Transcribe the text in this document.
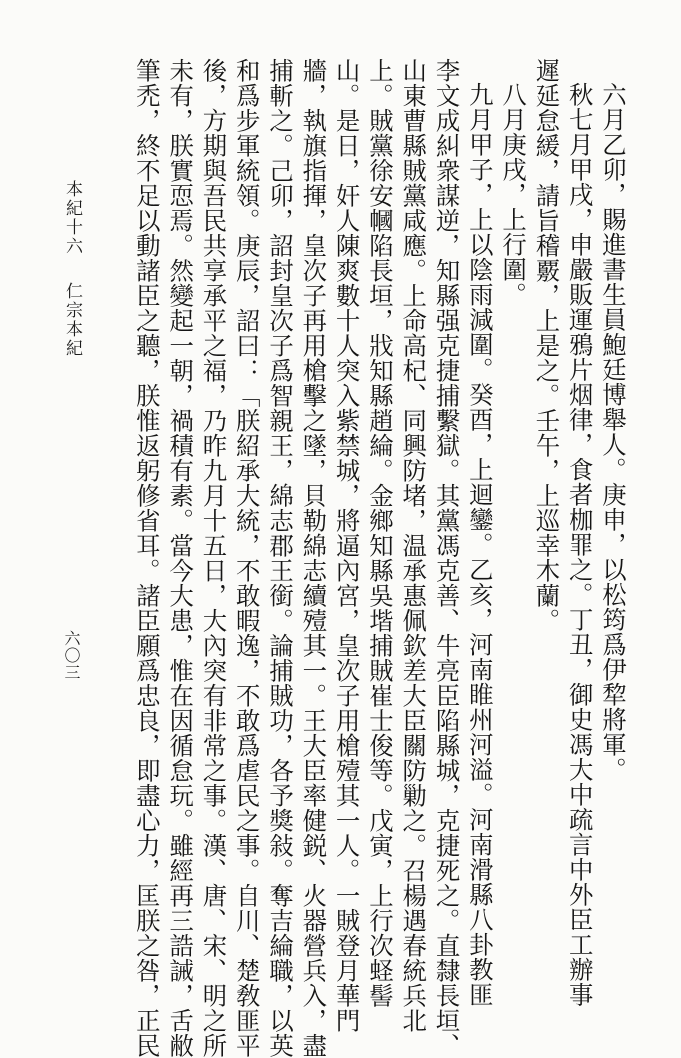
六月乙卯，賜進書生員鮑廷博舉人。庚申，以松筠爲伊犂將軍。
秋七月甲戌，申嚴販運鴉片烟律，食者枷罪之。丁丑，御史馮大中疏言中外臣工辦事
遲延怠緩，請旨稽覈，上是之。壬午，上巡幸木蘭。
八月庚戌，上行圍。
九月甲子，上以陰雨減圍。癸酉，上迴鑾。乙亥，河南睢州河溢。河南滑縣八卦教匪
李文成糾衆謀逆，知縣强克捷捕繫獄。其黨馮克善、牛亮臣陷縣城，克捷死之。直隸長垣、
山東曹縣賊黨咸應。上命高杞、同興防堵，温承惠佩欽差大臣關防勦之。召楊遇春統兵北
上。賊黨徐安幗陷長垣，戕知縣趙綸。金鄉知縣吳堦捕賊崔士俊等。戊寅，上行次蛏髻
山。是日，奸人陳爽數十人突入紫禁城，將逼內宮，皇次子用槍殪其一人。一賊登月華門
牆，執旗指揮，皇次子再用槍擊之墜，貝勒綿志續殪其一。王大臣率健鋭、火器營兵入，盡
捕斬之。己卯，詔封皇次子爲智親王，綿志郡王銜。論捕賊功，各予獎敍。奪吉綸職，以英
和爲步軍統領。庚辰，詔曰：「朕紹承大統，不敢暇逸，不敢爲虐民之事。自川、楚敎匪平
後，方期與吾民共享承平之福，乃昨九月十五日，大內突有非常之事。漢、唐、宋、明之所
未有，朕實恧焉。然變起一朝，禍積有素。當今大患，惟在因循怠玩。雖經再三誥誡，舌敝
筆禿，終不足以動諸臣之聽，朕惟返躬修省耳。諸臣願爲忠良，即盡心力，匡朕之咎，正民
本紀十六仁宗本紀
六〇三
